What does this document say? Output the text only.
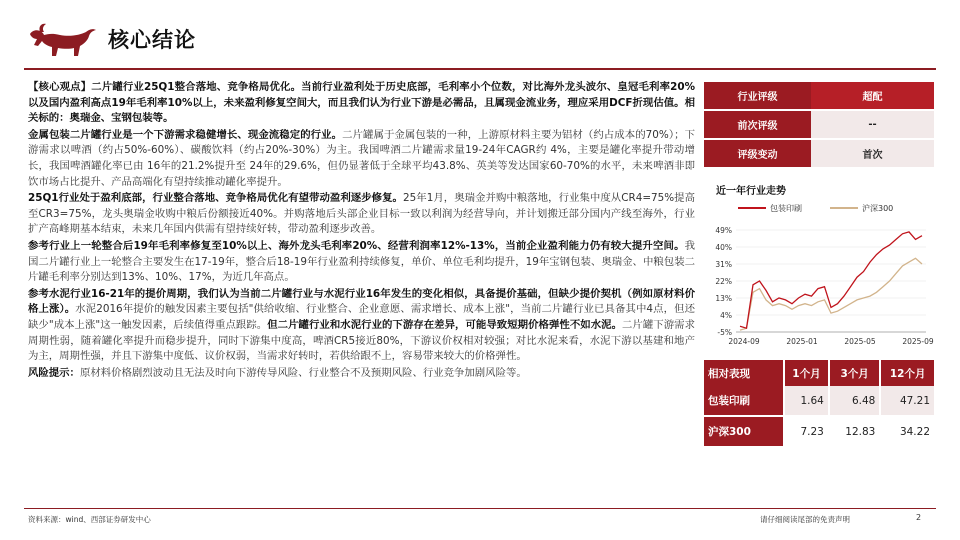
核心结论

【核心观点】二片罐行业25Q1整合落地、竞争格局优化。当前行业盈利处于历史底部，毛利率小个位数，对比海外龙头波尔、皇冠毛利率20%以及国内盈利高点19年毛利率10%以上，未来盈利修复空间大，而且我们认为行业下游是必需品，且属现金流业务，理应采用DCF折现估值。相关标的：奥瑞金、宝钢包装等。

金属包装二片罐行业是一个下游需求稳健增长、现金流稳定的行业。二片罐属于金属包装的一种，上游原材料主要为铝材（约占成本的70%）；下游需求以啤酒（约占50%-60%）、碳酸饮料（约占20%-30%）为主。我国啤酒二片罐需求量19-24年CAGR约 4%，主要是罐化率提升带动增长，我国啤酒罐化率已由 16年的21.2%提升至 24年的29.6%，但仍显著低于全球平均43.8%、英美等发达国家60-70%的水平，未来啤酒非即饮市场占比提升、产品高端化有望持续推动罐化率提升。

25Q1行业处于盈利底部，行业整合落地、竞争格局优化有望带动盈利逐步修复。25年1月，奥瑞金并购中粮落地，行业集中度从CR4=75%提高至CR3=75%，龙头奥瑞金收购中粮后份额接近40%。并购落地后头部企业目标一致以利润为经营导向，并计划搬迁部分国内产线至海外，行业扩产高峰期基本结束，未来几年国内供需有望持续好转，带动盈利逐步改善。

参考行业上一轮整合后19年毛利率修复至10%以上、海外龙头毛利率20%、经营利润率12%-13%，当前企业盈利能力仍有较大提升空间。我国二片罐行业上一轮整合主要发生在17-19年，整合后18-19年行业盈利持续修复，单价、单位毛利均提升，19年宝钢包装、奥瑞金、中粮包装二片罐毛利率分别达到13%、10%、17%，为近几年高点。

参考水泥行业16-21年的提价周期，我们认为当前二片罐行业与水泥行业16年发生的变化相似，具备提价基础，但缺少提价契机（例如原材料价格上涨）。水泥2016年提价的触发因素主要包括"供给收缩、行业整合、企业意愿、需求增长、成本上涨"，当前二片罐行业已具备其中4点，但还缺少"成本上涨"这一触发因素，后续值得重点跟踪。但二片罐行业和水泥行业的下游存在差异，可能导致短期价格弹性不如水泥。二片罐下游需求周期性弱，随着罐化率提升而稳步提升，同时下游集中度高，啤酒CR5接近80%，下游议价权相对较强；对比水泥来看，水泥下游以基建和地产为主，周期性强，并且下游集中度低、议价权弱，当需求好转时，若供给跟不上，容易带来较大的价格弹性。

风险提示：原材料价格剧烈波动且无法及时向下游传导风险、行业整合不及预期风险、行业竞争加剧风险等。

行业评级	超配
前次评级	--
评级变动	首次
近一年行业走势
包装印刷	沪深300
49%
40%
31%
22%
13%
4%
-5%
2024-09	2025-01	2025-05	2025-09
相对表现	1个月	3个月	12个月
包装印刷	1.64	6.48	47.21
沪深300	7.23	12.83	34.22
资料来源：wind、西部证券研发中心	请仔细阅读尾部的免责声明	2
